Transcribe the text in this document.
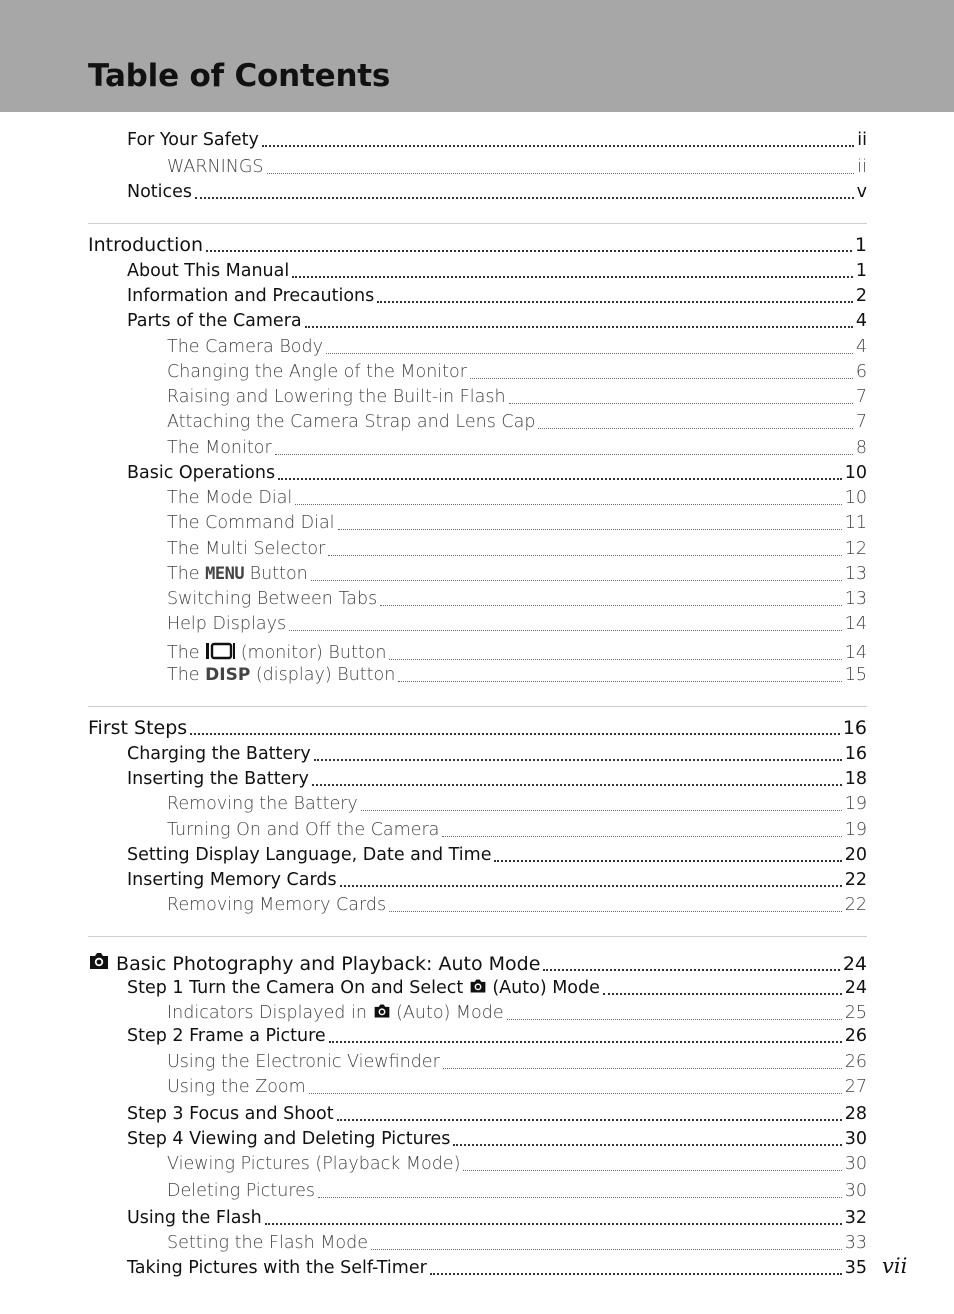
Table of Contents
For Your Safety	ii
WARNINGS	ii
Notices	v
Introduction	1
About This Manual	1
Information and Precautions	2
Parts of the Camera	4
The Camera Body	4
Changing the Angle of the Monitor	6
Raising and Lowering the Built-in Flash	7
Attaching the Camera Strap and Lens Cap	7
The Monitor	8
Basic Operations	10
The Mode Dial	10
The Command Dial	11
The Multi Selector	12
The MENU Button	13
Switching Between Tabs	13
Help Displays	14
The (monitor) Button	14
The DISP (display) Button	15
First Steps	16
Charging the Battery	16
Inserting the Battery	18
Removing the Battery	19
Turning On and Off the Camera	19
Setting Display Language, Date and Time	20
Inserting Memory Cards	22
Removing Memory Cards	22
Basic Photography and Playback: Auto Mode	24
Step 1 Turn the Camera On and Select (Auto) Mode	24
Indicators Displayed in (Auto) Mode	25
Step 2 Frame a Picture	26
Using the Electronic Viewfinder	26
Using the Zoom	27
Step 3 Focus and Shoot	28
Step 4 Viewing and Deleting Pictures	30
Viewing Pictures (Playback Mode)	30
Deleting Pictures	30
Using the Flash	32
Setting the Flash Mode	33
Taking Pictures with the Self-Timer	35 vii
